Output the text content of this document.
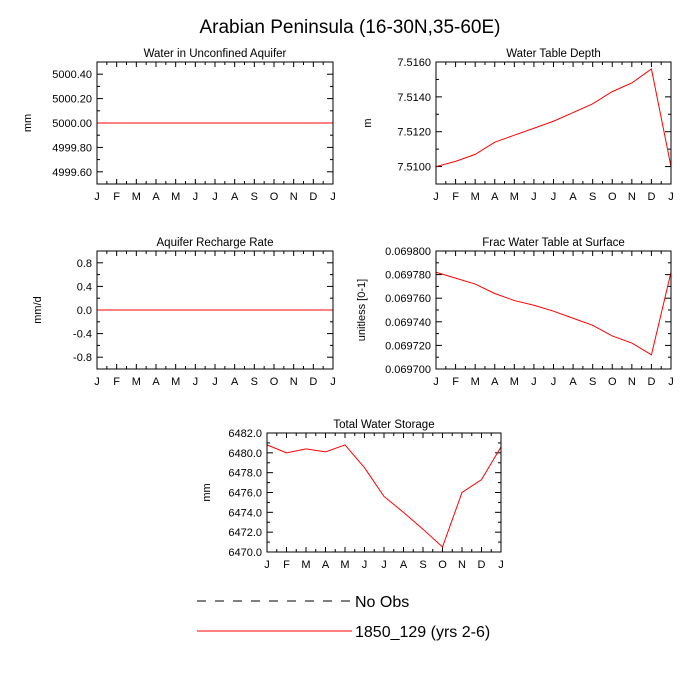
Arabian Peninsula (16-30N,35-60E)
Water in Unconfined Aquifer
mm
J F M A M J J A S O N D J
4999.60
4999.80
5000.00
5000.20
5000.40
Water Table Depth
m
J F M A M J J A S O N D J
7.5100
7.5120
7.5140
7.5160
Aquifer Recharge Rate
mm/d
J F M A M J J A S O N D J
-0.8
-0.4
0.0
0.4
0.8
Frac Water Table at Surface
unitless [0-1]
J F M A M J J A S O N D J
0.069700
0.069720
0.069740
0.069760
0.069780
0.069800
Total Water Storage
mm
J F M A M J J A S O N D J
6470.0
6472.0
6474.0
6476.0
6478.0
6480.0
6482.0
No Obs
1850_129 (yrs 2-6)
